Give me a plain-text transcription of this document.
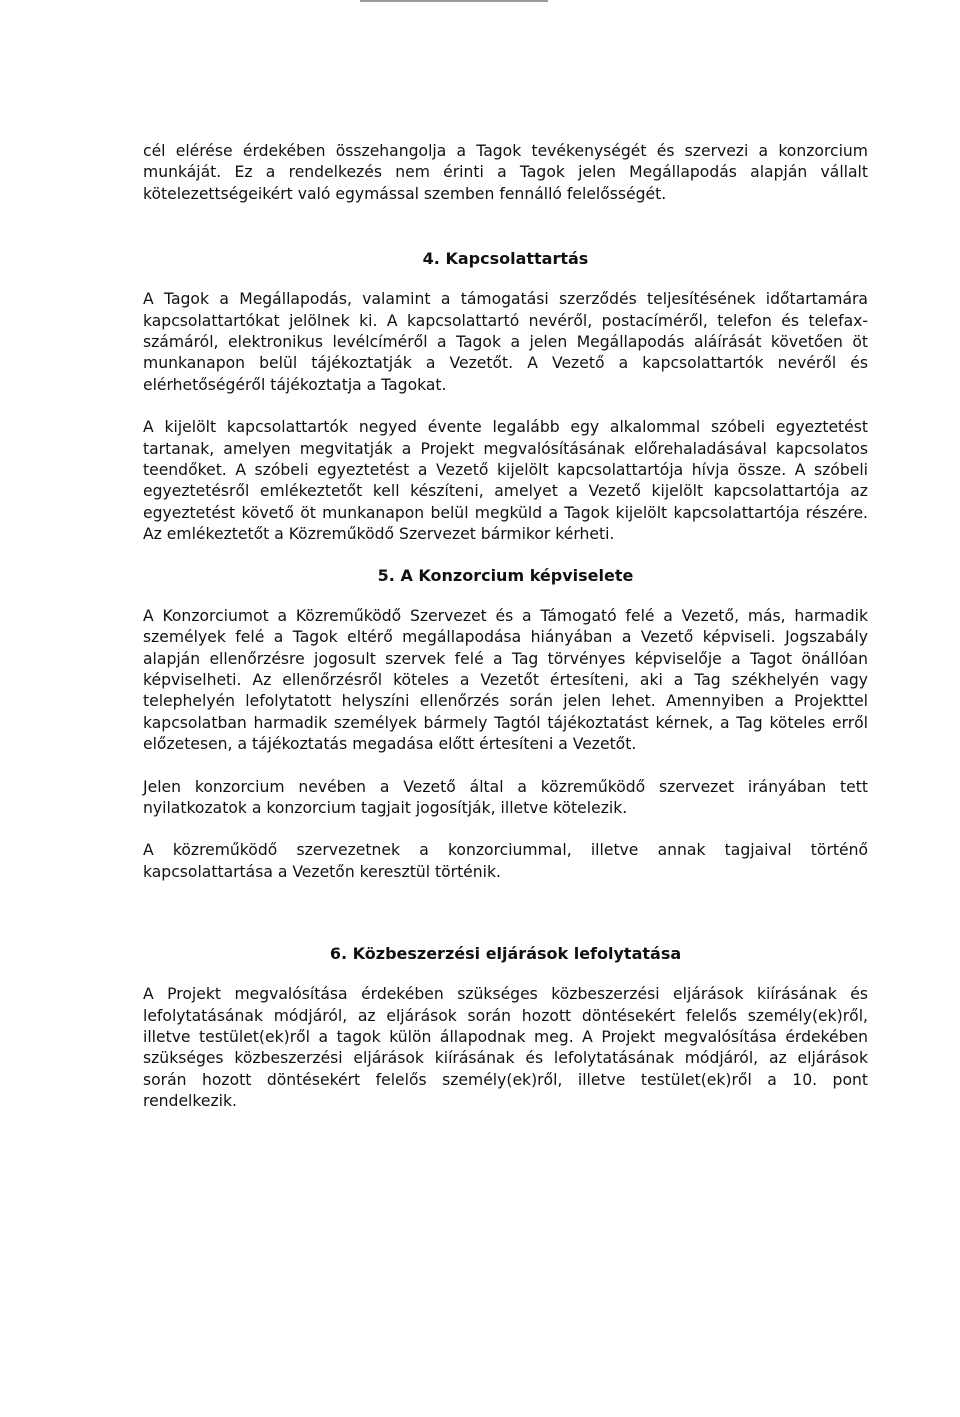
cél elérése érdekében összehangolja a Tagok tevékenységét és szervezi a konzorcium munkáját. Ez a rendelkezés nem érinti a Tagok jelen Megállapodás alapján vállalt kötelezettségeikért való egymással szemben fennálló felelősségét.

4. Kapcsolattartás

A Tagok a Megállapodás, valamint a támogatási szerződés teljesítésének időtartamára kapcsolattartókat jelölnek ki. A kapcsolattartó nevéről, postacíméről, telefon és telefax-számáról, elektronikus levélcíméről a Tagok a jelen Megállapodás aláírását követően öt munkanapon belül tájékoztatják a Vezetőt. A Vezető a kapcsolattartók nevéről és elérhetőségéről tájékoztatja a Tagokat.

A kijelölt kapcsolattartók negyed évente legalább egy alkalommal szóbeli egyeztetést tartanak, amelyen megvitatják a Projekt megvalósításának előrehaladásával kapcsolatos teendőket. A szóbeli egyeztetést a Vezető kijelölt kapcsolattartója hívja össze. A szóbeli egyeztetésről emlékeztetőt kell készíteni, amelyet a Vezető kijelölt kapcsolattartója az egyeztetést követő öt munkanapon belül megküld a Tagok kijelölt kapcsolattartója részére. Az emlékeztetőt a Közreműködő Szervezet bármikor kérheti.

5. A Konzorcium képviselete

A Konzorciumot a Közreműködő Szervezet és a Támogató felé a Vezető, más, harmadik személyek felé a Tagok eltérő megállapodása hiányában a Vezető képviseli. Jogszabály alapján ellenőrzésre jogosult szervek felé a Tag törvényes képviselője a Tagot önállóan képviselheti. Az ellenőrzésről köteles a Vezetőt értesíteni, aki a Tag székhelyén vagy telephelyén lefolytatott helyszíni ellenőrzés során jelen lehet. Amennyiben a Projekttel kapcsolatban harmadik személyek bármely Tagtól tájékoztatást kérnek, a Tag köteles erről előzetesen, a tájékoztatás megadása előtt értesíteni a Vezetőt.

Jelen konzorcium nevében a Vezető által a közreműködő szervezet irányában tett nyilatkozatok a konzorcium tagjait jogosítják, illetve kötelezik.

A közreműködő szervezetnek a konzorciummal, illetve annak tagjaival történő kapcsolattartása a Vezetőn keresztül történik.

6. Közbeszerzési eljárások lefolytatása

A Projekt megvalósítása érdekében szükséges közbeszerzési eljárások kiírásának és lefolytatásának módjáról, az eljárások során hozott döntésekért felelős személy(ek)ről, illetve testület(ek)ről a tagok külön állapodnak meg. A Projekt megvalósítása érdekében szükséges közbeszerzési eljárások kiírásának és lefolytatásának módjáról, az eljárások során hozott döntésekért felelős személy(ek)ről, illetve testület(ek)ről a 10. pont rendelkezik.
